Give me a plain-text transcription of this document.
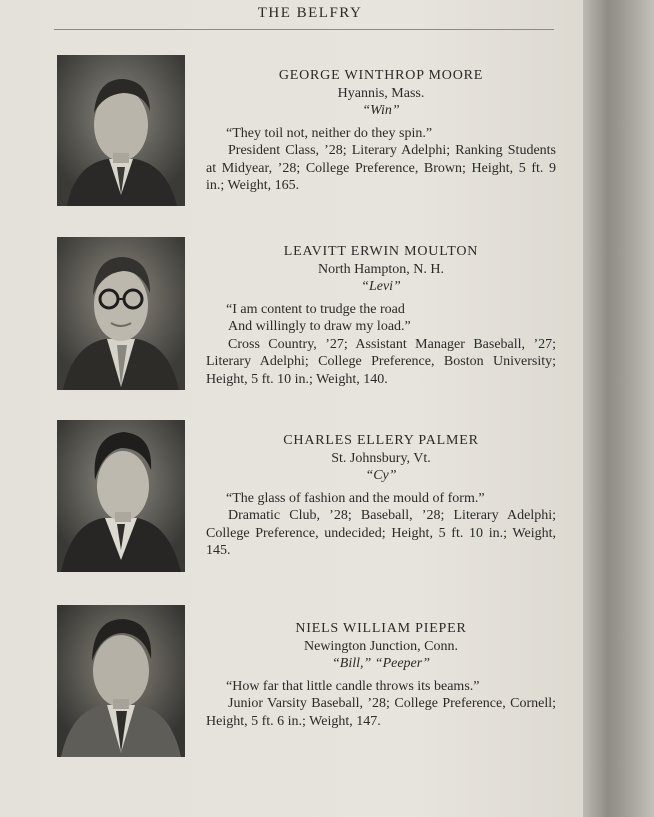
THE BELFRY
GEORGE WINTHROP MOORE
Hyannis, Mass.
“Win”
“They toil not, neither do they spin.”
President Class, ’28; Literary Adelphi; Ranking Students at Midyear, ’28; College Preference, Brown; Height, 5 ft. 9 in.; Weight, 165.
LEAVITT ERWIN MOULTON
North Hampton, N. H.
“Levi”
“I am content to trudge the road
And willingly to draw my load.”
Cross Country, ’27; Assistant Manager Baseball, ’27; Literary Adelphi; College Preference, Boston University; Height, 5 ft. 10 in.; Weight, 140.
CHARLES ELLERY PALMER
St. Johnsbury, Vt.
“Cy”
“The glass of fashion and the mould of form.”
Dramatic Club, ’28; Baseball, ’28; Literary Adelphi; College Preference, undecided; Height, 5 ft. 10 in.; Weight, 145.
NIELS WILLIAM PIEPER
Newington Junction, Conn.
“Bill,” “Peeper”
“How far that little candle throws its beams.”
Junior Varsity Baseball, ’28; College Preference, Cornell; Height, 5 ft. 6 in.; Weight, 147.
